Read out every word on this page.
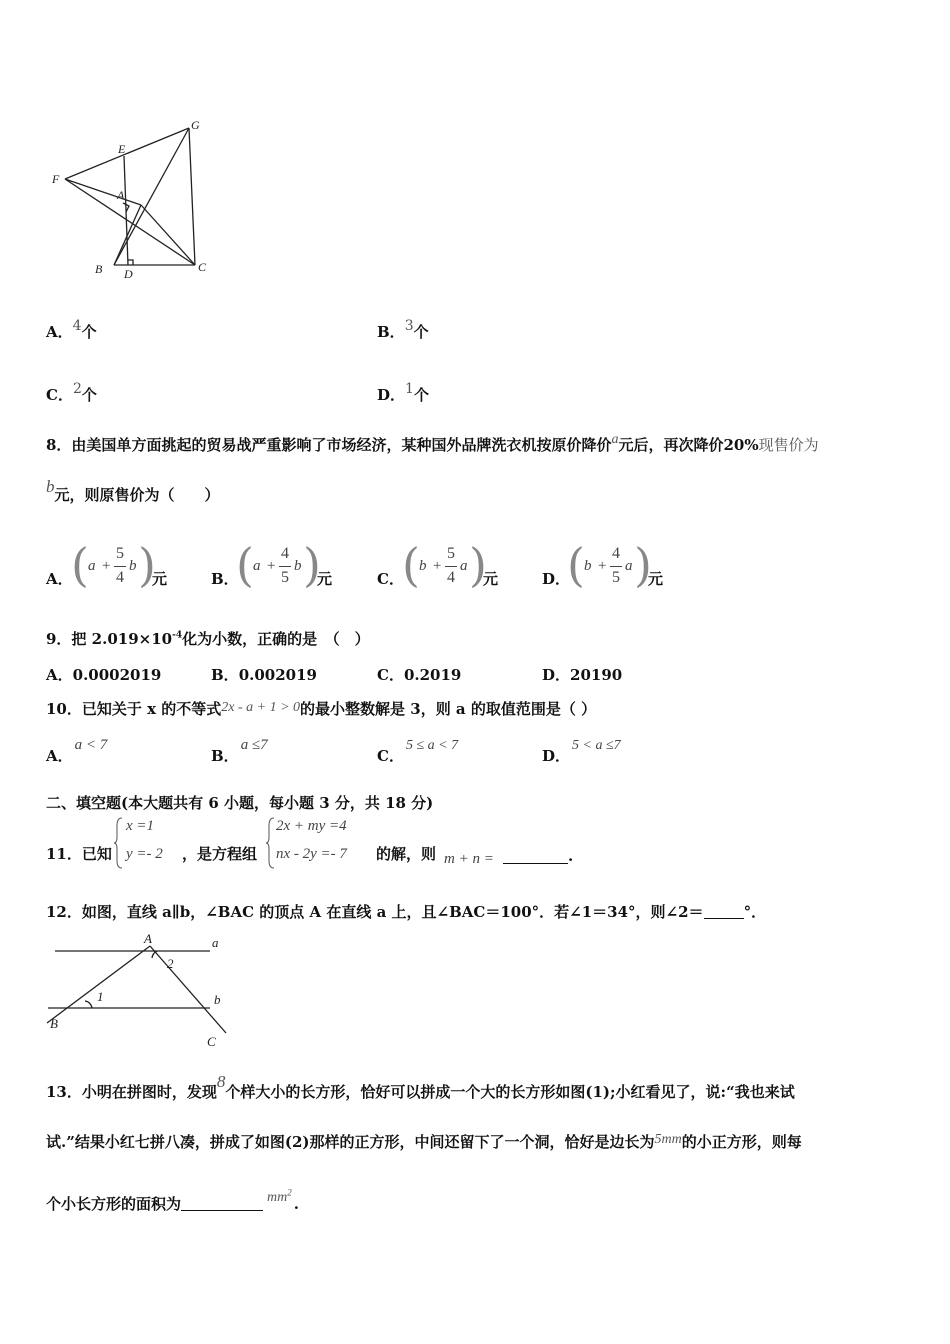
G
E
F
A
B D	C
A．4个	B．3个
C．2个	D．1个
8．由美国单方面挑起的贸易战严重影响了市场经济，某种国外品牌洗衣机按原价降价a元后，再次降价20%现售价为
b元，则原售价为（　　）
A．
( a +
5
4
b )
元	B．
( a +
4
5
b )
元	C．
( b +
5
4
a )
元	D．
( b +
4
5
a )
元
9．把 $2.019\times 10^{-4}$化为小数，正确的是　（　）
A．0.0002019	B．0.002019	C．0.2019	D．20190
10．已知关于 x 的不等式2x - a + 1 > 0的最小整数解是 3，则 a 的取值范围是（ ）
A．a < 7
B．a ≤7
C．5 ≤ a < 7
D．5 < a ≤7
二、填空题(本大题共有 6 小题，每小题 3 分，共 18 分)
11．已知
x =1
y =- 2 ，是方程组
2x + my =4
nx - 2y =- 7 的解，则 m + n =	.
12．如图，直线 a∥b，∠BAC 的顶点 A 在直线 a 上，且∠BAC＝100°．若∠1＝34°，则∠2＝	°．
A	a
b
B
C
1
2
13．小明在拼图时，发现8个样大小的长方形，恰好可以拼成一个大的长方形如图(1);小红看见了，说:“我也来试
试.”结果小红七拼八凑，拼成了如图(2)那样的正方形，中间还留下了一个洞，恰好是边长为5mm的小正方形，则每
个小长方形的面积为	$mm^2$.
